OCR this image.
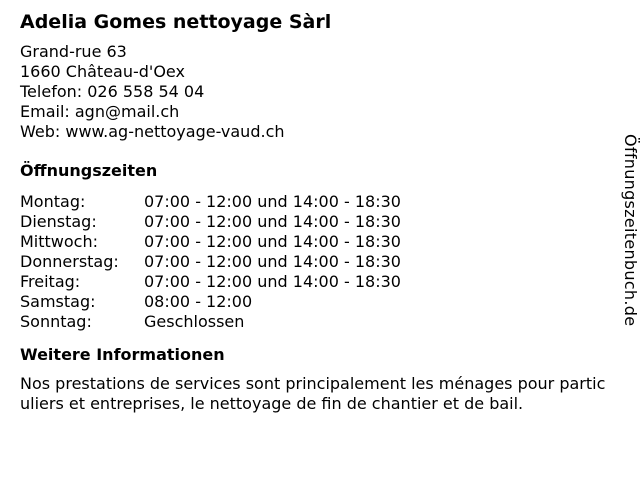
Adelia Gomes nettoyage Sàrl
Grand-rue 63
1660 Château-d'Oex
Telefon: 026 558 54 04
Email: agn@mail.ch
Web: www.ag-nettoyage-vaud.ch
Öffnungszeiten
Montag:	07:00 - 12:00 und 14:00 - 18:30
Dienstag:	07:00 - 12:00 und 14:00 - 18:30
Mittwoch:	07:00 - 12:00 und 14:00 - 18:30
Donnerstag:	07:00 - 12:00 und 14:00 - 18:30
Freitag:	07:00 - 12:00 und 14:00 - 18:30
Samstag:	08:00 - 12:00
Sonntag:	Geschlossen
Weitere Informationen
Nos prestations de services sont principalement les ménages pour particuliers et entreprises, le nettoyage de fin de chantier et de bail.
Öffnungszeitenbuch.de
